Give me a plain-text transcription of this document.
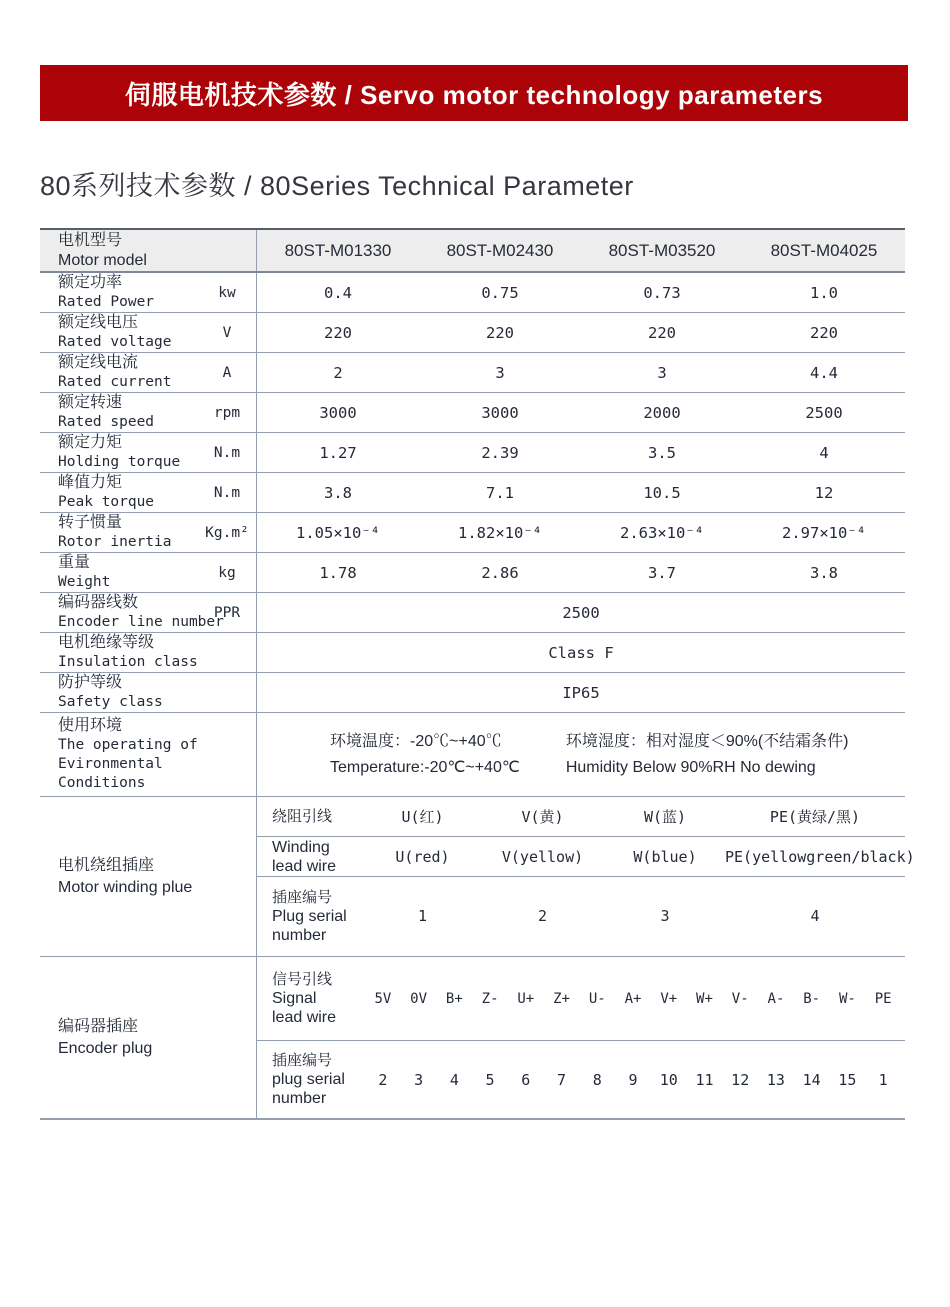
伺服电机技术参数 / Servo motor technology parameters
80系列技术参数 / 80Series Technical Parameter
电机型号
Motor model
80ST-M01330	80ST-M02430	80ST-M03520	80ST-M04025
额定功率
Rated Power
kw	0.4	0.75	0.73	1.0
额定线电压
Rated voltage
V	220	220	220	220
额定线电流
Rated current
A	2	3	3	4.4
额定转速
Rated speed
rpm	3000	3000	2000	2500
额定力矩
Holding torque
N.m	1.27	2.39	3.5	4
峰值力矩
Peak torque
N.m	3.8	7.1	10.5	12
转子惯量
Rotor inertia
Kg.m²	1.05×10⁻⁴	1.82×10⁻⁴	2.63×10⁻⁴	2.97×10⁻⁴
重量
Weight
kg	1.78	2.86	3.7	3.8
编码器线数
Encoder line number
PPR	2500
电机绝缘等级
Insulation class
Class F
防护等级
Safety class
IP65
使用环境
The operating of
Evironmental Conditions
环境温度：-20℃~+40℃
Temperature:-20℃~+40℃
环境湿度：相对湿度＜90%(不结霜条件)
Humidity Below 90%RH No dewing
电机绕组插座
Motor winding plue
绕阻引线	U(红)	V(黄)	W(蓝)	PE(黄绿/黑)
Winding
lead wire
U(red)	V(yellow)	W(blue)	PE(yellowgreen/black)
插座编号
Plug serial
number
1	2	3	4
编码器插座
Encoder plug
信号引线
Signal
lead wire
5V	0V	B+	Z-	U+	Z+	U-	A+	V+	W+	V-	A-	B-	W-	PE
插座编号
plug serial
number
2	3	4	5	6	7	8	9	10	11	12	13	14	15	1
